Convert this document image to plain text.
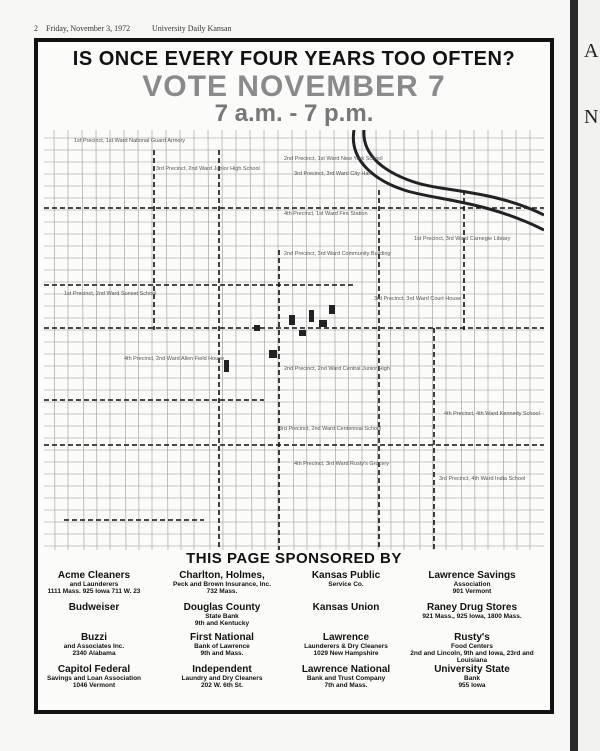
A
N
2 Friday, November 3, 1972	University Daily Kansan
IS ONCE EVERY FOUR YEARS TOO OFTEN?
VOTE NOVEMBER 7
7 a.m. - 7 p.m.
3rd Precinct, 2nd Ward Junior High School
1st Precinct, 1st Ward National Guard Armory
2nd Precinct, 1st Ward New York School
3rd Precinct, 3rd Ward City Hall
4th Precinct, 1st Ward Fire Station
1st Precinct, 3rd Ward Carnegie Library
2nd Precinct, 3rd Ward Community Building
3rd Precinct, 3rd Ward Court House
1st Precinct, 2nd Ward Sunset School
4th Precinct, 2nd Ward Allen Field House
2nd Precinct, 2nd Ward Central Junior High
3rd Precinct, 2nd Ward Centennial School
4th Precinct, 4th Ward Kennedy School
4th Precinct, 3rd Ward Rusty's Grocery
3rd Precinct, 4th Ward India School
THIS PAGE SPONSORED BY
Acme Cleaners
and Launderers
1111 Mass. 925 Iowa 711 W. 23
Charlton, Holmes,
Peck and Brown Insurance, Inc.
732 Mass.
Kansas Public
Service Co.
Lawrence Savings
Association
901 Vermont
Budweiser	Douglas County
State Bank
9th and Kentucky
Kansas Union	Raney Drug Stores
921 Mass., 925 Iowa, 1800 Mass.
Buzzi
and Associates Inc.
2340 Alabama
First National
Bank of Lawrence
9th and Mass.
Lawrence
Launderers & Dry Cleaners
1029 New Hampshire
Rusty's
Food Centers
2nd and Lincoln, 9th and Iowa, 23rd and Louisiana
Capitol Federal
Savings and Loan Association
1046 Vermont
Independent
Laundry and Dry Cleaners
202 W. 6th St.
Lawrence National
Bank and Trust Company
7th and Mass.
University State
Bank
955 Iowa
